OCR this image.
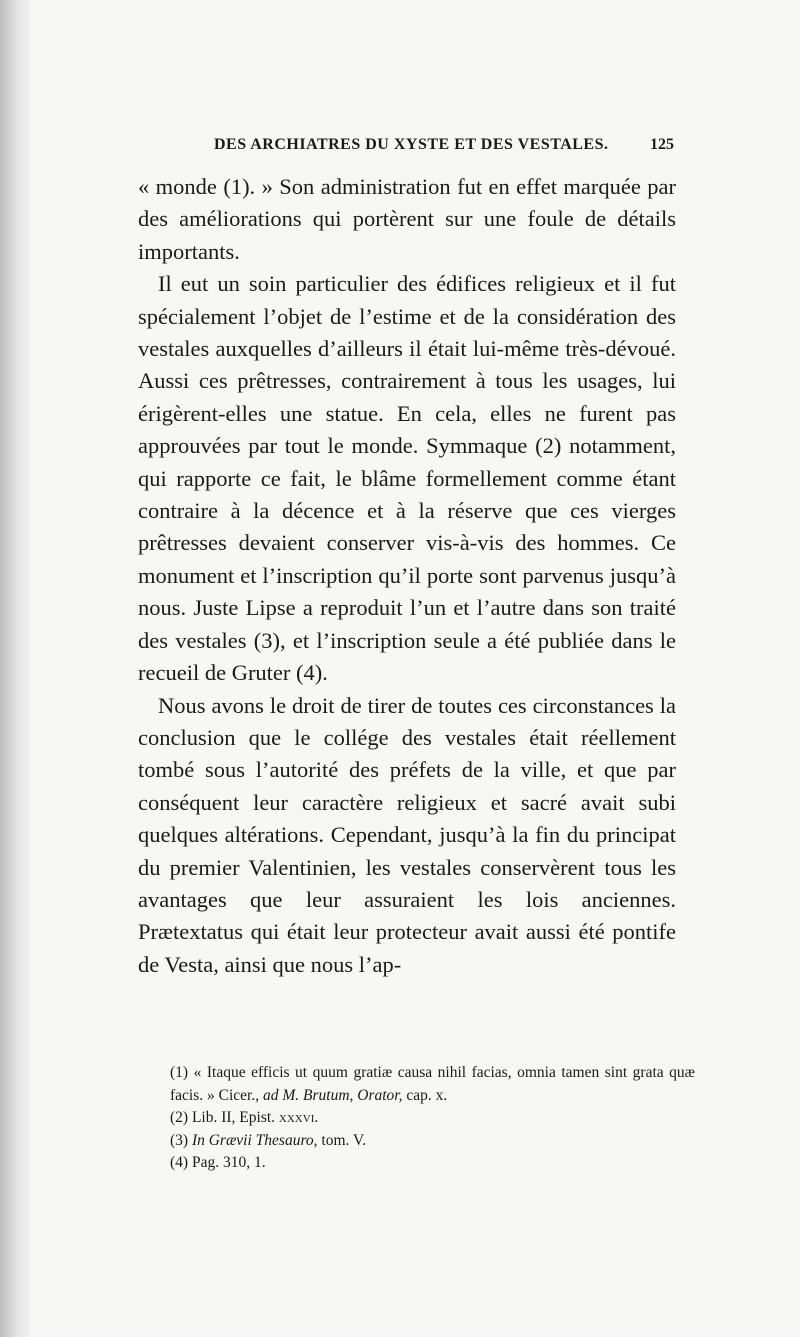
DES ARCHIATRES DU XYSTE ET DES VESTALES.	125

« monde (1). » Son administration fut en effet marquée par des améliorations qui portèrent sur une foule de détails importants.

Il eut un soin particulier des édifices religieux et il fut spécialement l’objet de l’estime et de la considération des vestales auxquelles d’ailleurs il était lui-même très-dévoué. Aussi ces prêtresses, contrairement à tous les usages, lui érigèrent-elles une statue. En cela, elles ne furent pas approuvées par tout le monde. Symmaque (2) notamment, qui rapporte ce fait, le blâme formellement comme étant contraire à la décence et à la réserve que ces vierges prêtresses devaient conserver vis-à-vis des hommes. Ce monument et l’inscription qu’il porte sont parvenus jusqu’à nous. Juste Lipse a reproduit l’un et l’autre dans son traité des vestales (3), et l’inscription seule a été publiée dans le recueil de Gruter (4).

Nous avons le droit de tirer de toutes ces circonstances la conclusion que le collége des vestales était réellement tombé sous l’autorité des préfets de la ville, et que par conséquent leur caractère religieux et sacré avait subi quelques altérations. Cependant, jusqu’à la fin du principat du premier Valentinien, les vestales conservèrent tous les avantages que leur assuraient les lois anciennes. Prætextatus qui était leur protecteur avait aussi été pontife de Vesta, ainsi que nous l’ap-

(1) « Itaque efficis ut quum gratiæ causa nihil facias, omnia tamen sint grata quæ facis. » Cicer., ad M. Brutum, Orator, cap. x.

(2) Lib. II, Epist. xxxvi.

(3) In Grævii Thesauro, tom. V.

(4) Pag. 310, 1.
